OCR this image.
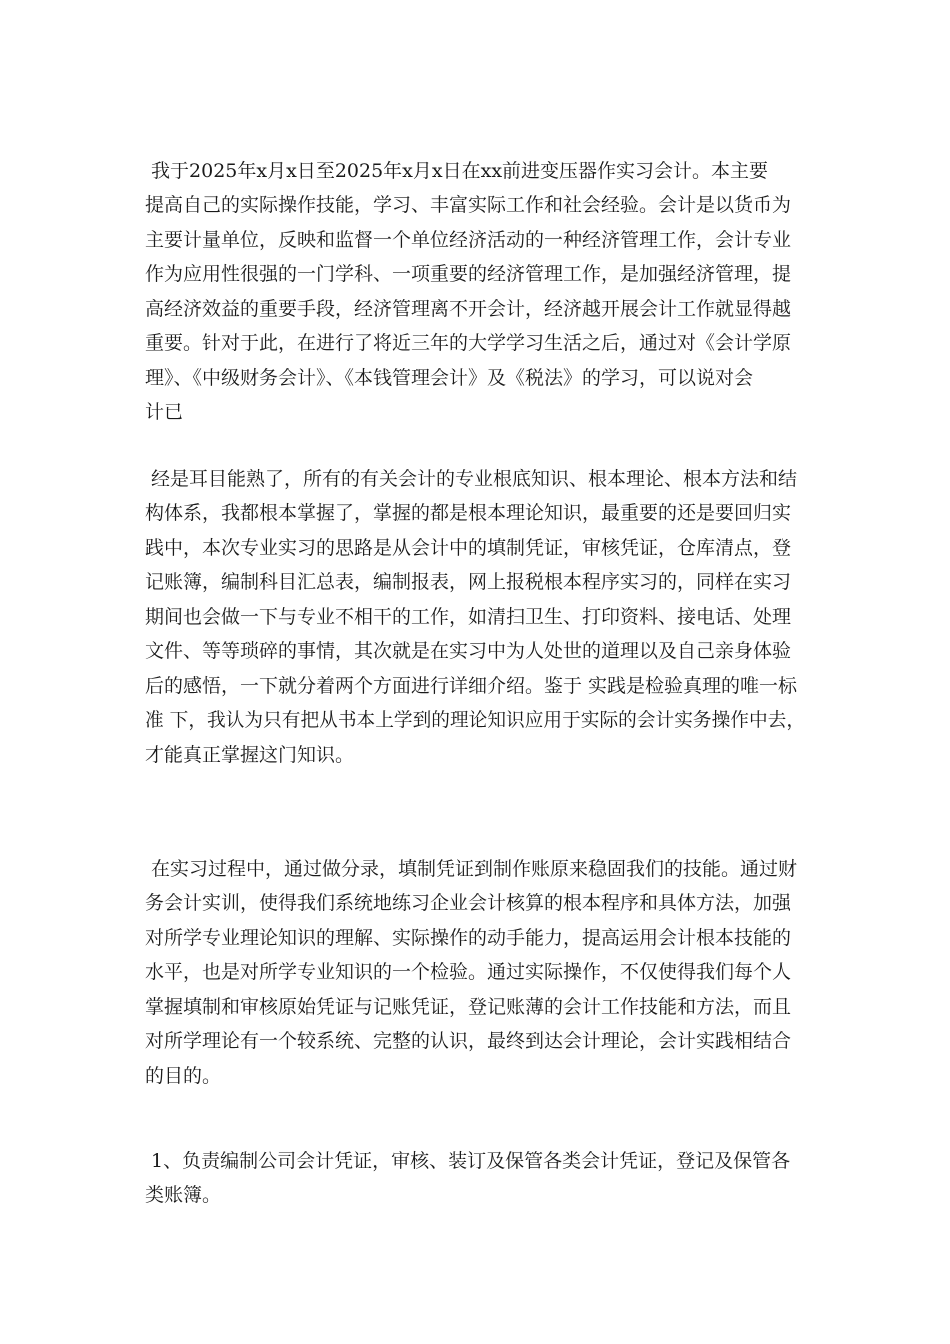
我于2025年x月x日至2025年x月x日在xx前进变压器作实习会计。本主要
提高自己的实际操作技能，学习、丰富实际工作和社会经验。会计是以货币为
主要计量单位，反映和监督一个单位经济活动的一种经济管理工作，会计专业
作为应用性很强的一门学科、一项重要的经济管理工作，是加强经济管理，提
高经济效益的重要手段，经济管理离不开会计，经济越开展会计工作就显得越
重要。针对于此，在进行了将近三年的大学学习生活之后，通过对《会计学原
理》、《中级财务会计》、《本钱管理会计》及《税法》的学习，可以说对会
计已
经是耳目能熟了，所有的有关会计的专业根底知识、根本理论、根本方法和结
构体系，我都根本掌握了，掌握的都是根本理论知识，最重要的还是要回归实
践中，本次专业实习的思路是从会计中的填制凭证，审核凭证，仓库清点，登
记账簿，编制科目汇总表，编制报表，网上报税根本程序实习的，同样在实习
期间也会做一下与专业不相干的工作，如清扫卫生、打印资料、接电话、处理
文件、等等琐碎的事情，其次就是在实习中为人处世的道理以及自己亲身体验
后的感悟，一下就分着两个方面进行详细介绍。鉴于 实践是检验真理的唯一标
准 下，我认为只有把从书本上学到的理论知识应用于实际的会计实务操作中去，
才能真正掌握这门知识。
在实习过程中，通过做分录，填制凭证到制作账原来稳固我们的技能。通过财
务会计实训，使得我们系统地练习企业会计核算的根本程序和具体方法，加强
对所学专业理论知识的理解、实际操作的动手能力，提高运用会计根本技能的
水平，也是对所学专业知识的一个检验。通过实际操作，不仅使得我们每个人
掌握填制和审核原始凭证与记账凭证，登记账薄的会计工作技能和方法，而且
对所学理论有一个较系统、完整的认识，最终到达会计理论，会计实践相结合
的目的。
1、负责编制公司会计凭证，审核、装订及保管各类会计凭证，登记及保管各
类账簿。
